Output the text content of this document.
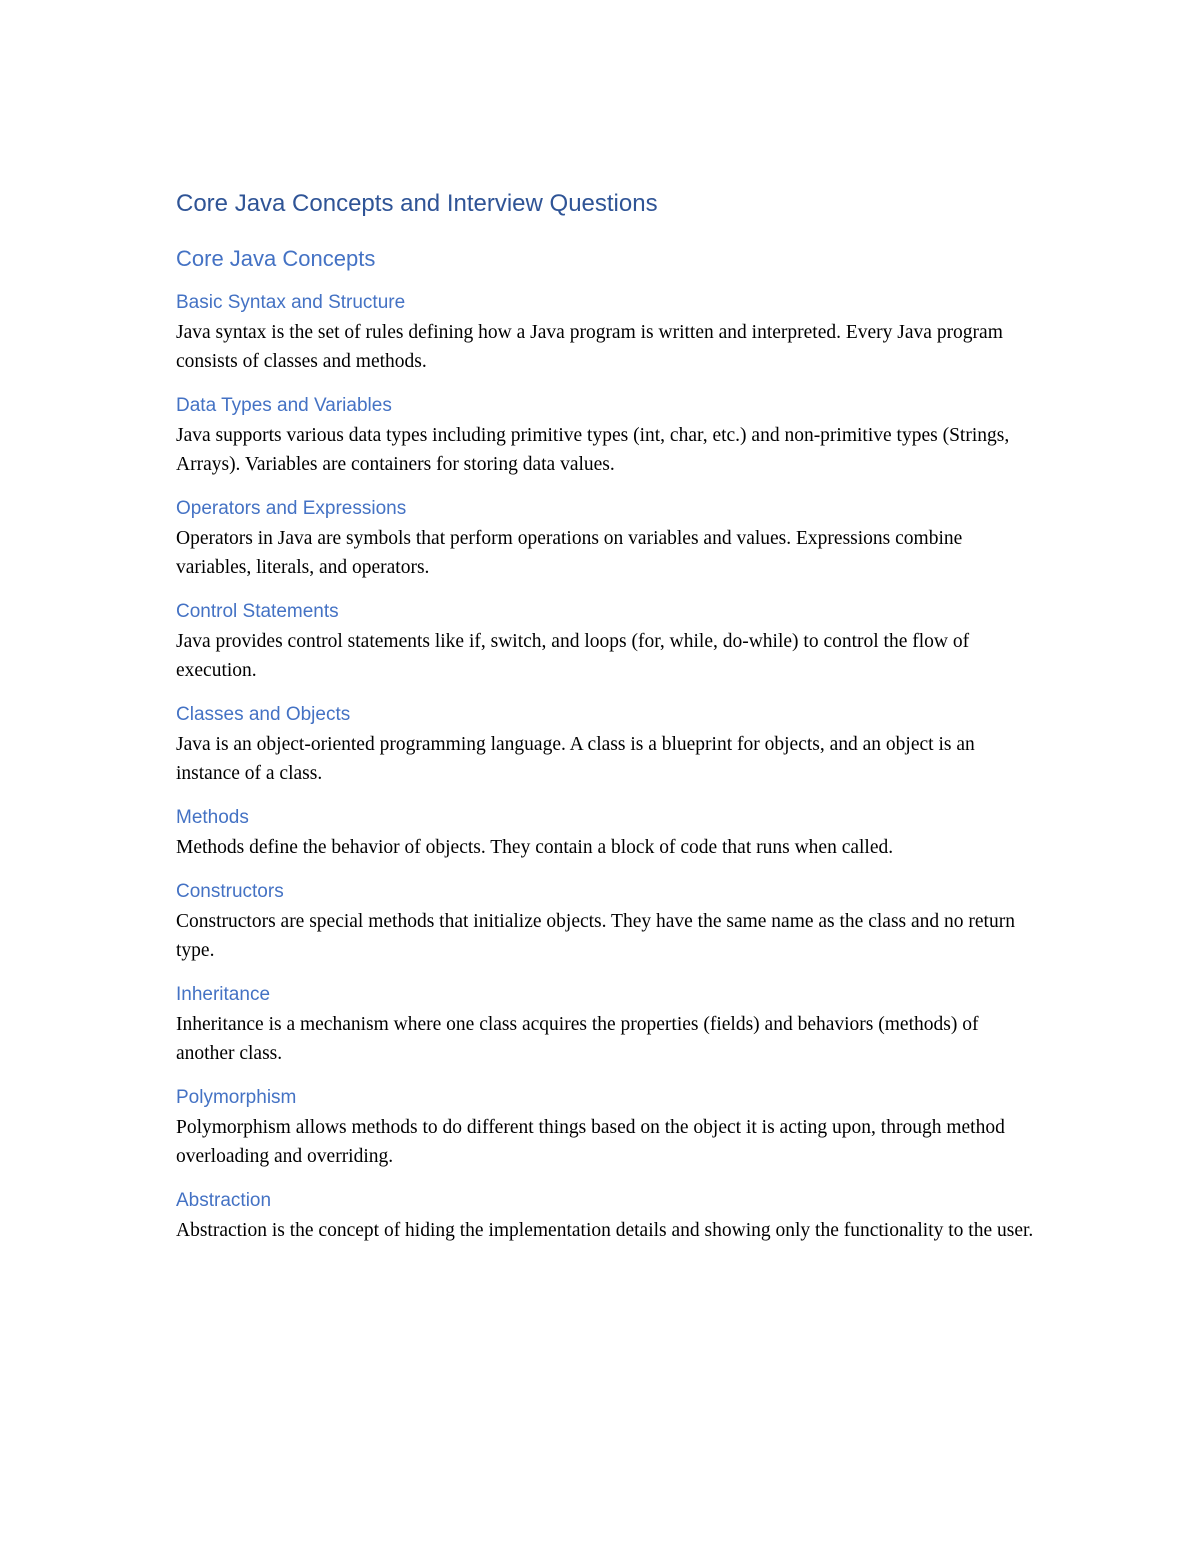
Core Java Concepts and Interview Questions
Core Java Concepts
Basic Syntax and Structure

Java syntax is the set of rules defining how a Java program is written and interpreted. Every Java program consists of classes and methods.

Data Types and Variables

Java supports various data types including primitive types (int, char, etc.) and non-primitive types (Strings, Arrays). Variables are containers for storing data values.

Operators and Expressions

Operators in Java are symbols that perform operations on variables and values. Expressions combine variables, literals, and operators.

Control Statements

Java provides control statements like if, switch, and loops (for, while, do-while) to control the flow of execution.

Classes and Objects

Java is an object-oriented programming language. A class is a blueprint for objects, and an object is an instance of a class.

Methods

Methods define the behavior of objects. They contain a block of code that runs when called.

Constructors

Constructors are special methods that initialize objects. They have the same name as the class and no return type.

Inheritance

Inheritance is a mechanism where one class acquires the properties (fields) and behaviors (methods) of another class.

Polymorphism

Polymorphism allows methods to do different things based on the object it is acting upon, through method overloading and overriding.

Abstraction

Abstraction is the concept of hiding the implementation details and showing only the functionality to the user.
